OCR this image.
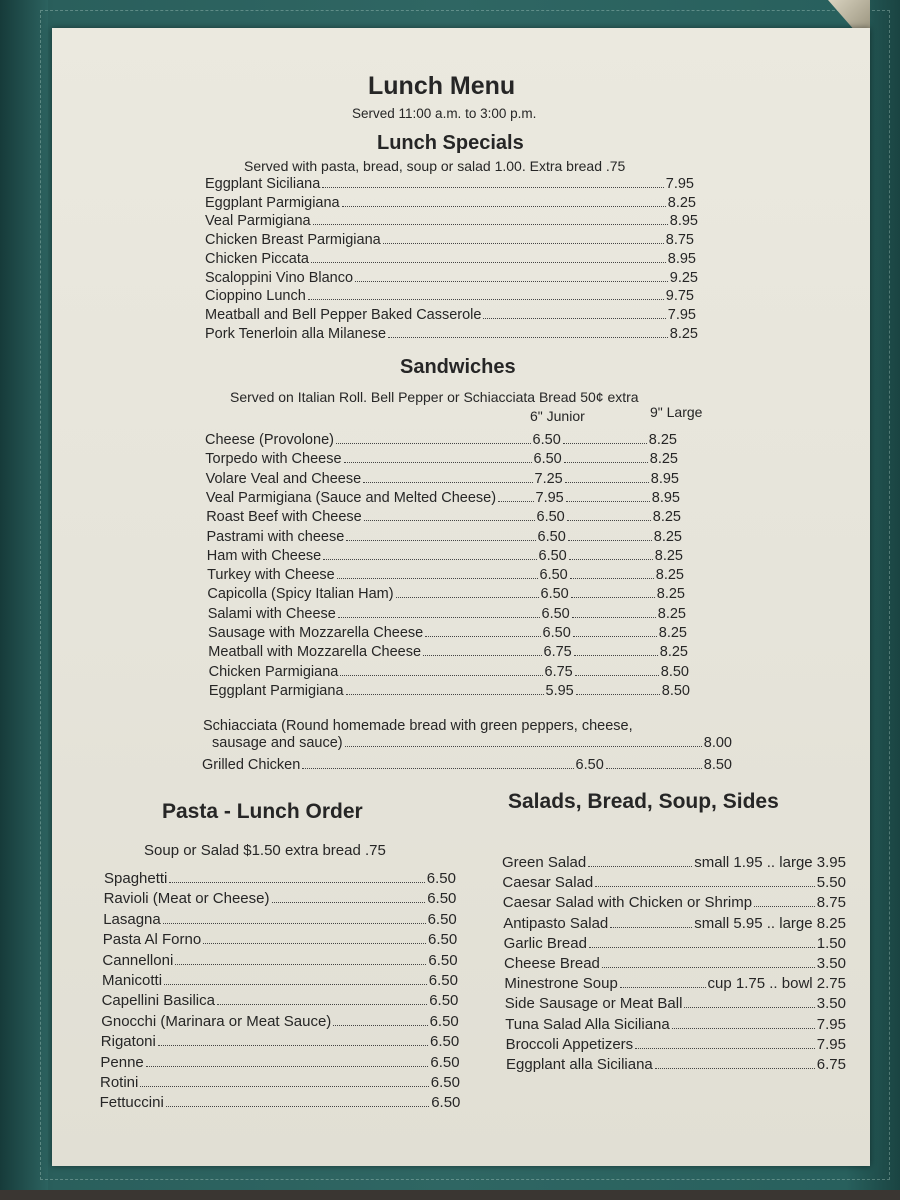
Lunch Menu
Served 11:00 a.m. to 3:00 p.m.
Lunch Specials
Served with pasta, bread, soup or salad 1.00. Extra bread .75
Eggplant Siciliana	7.95
Eggplant Parmigiana	8.25
Veal Parmigiana	8.95
Chicken Breast Parmigiana	8.75
Chicken Piccata	8.95
Scaloppini Vino Blanco	9.25
Cioppino Lunch	9.75
Meatball and Bell Pepper Baked Casserole	7.95
Pork Tenerloin alla Milanese	8.25
Sandwiches
Served on Italian Roll. Bell Pepper or Schiacciata Bread 50¢ extra
6" Junior	9" Large
Cheese (Provolone)	6.50	8.25
Torpedo with Cheese	6.50	8.25
Volare Veal and Cheese	7.25	8.95
Veal Parmigiana (Sauce and Melted Cheese)	7.95	8.95
Roast Beef with Cheese	6.50	8.25
Pastrami with cheese	6.50	8.25
Ham with Cheese	6.50	8.25
Turkey with Cheese	6.50	8.25
Capicolla (Spicy Italian Ham)	6.50	8.25
Salami with Cheese	6.50	8.25
Sausage with Mozzarella Cheese	6.50	8.25
Meatball with Mozzarella Cheese	6.75	8.25
Chicken Parmigiana	6.75	8.50
Eggplant Parmigiana	5.95	8.50
Schiacciata (Round homemade bread with green peppers, cheese,
sausage and sauce)	8.00
Grilled Chicken	6.50	8.50
Pasta - Lunch Order
Soup or Salad $1.50 extra bread .75
Spaghetti	6.50
Ravioli (Meat or Cheese)	6.50
Lasagna	6.50
Pasta Al Forno	6.50
Cannelloni	6.50
Manicotti	6.50
Capellini Basilica	6.50
Gnocchi (Marinara or Meat Sauce)	6.50
Rigatoni	6.50
Penne	6.50
Rotini	6.50
Fettuccini	6.50
Salads, Bread, Soup, Sides
Green Salad	small 1.95 .. large 3.95
Caesar Salad	5.50
Caesar Salad with Chicken or Shrimp	8.75
Antipasto Salad	small 5.95 .. large 8.25
Garlic Bread	1.50
Cheese Bread	3.50
Minestrone Soup	cup 1.75 .. bowl 2.75
Side Sausage or Meat Ball	3.50
Tuna Salad Alla Siciliana	7.95
Broccoli Appetizers	7.95
Eggplant alla Siciliana	6.75
